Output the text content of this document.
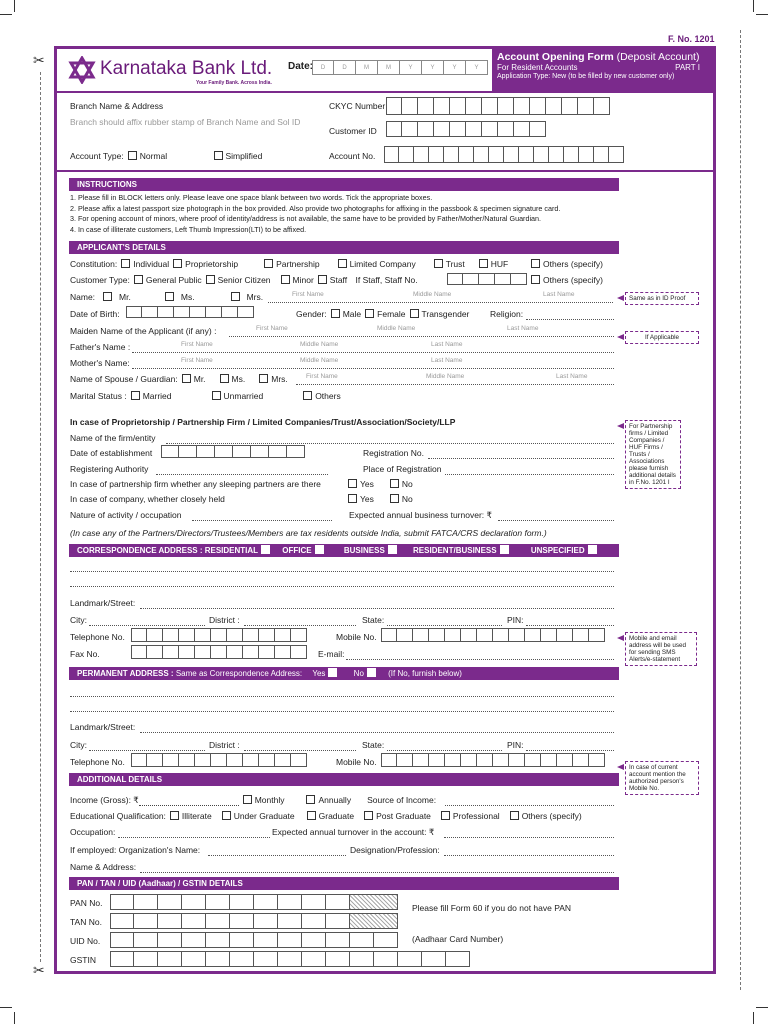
✂
✂
F. No. 1201
Karnataka Bank Ltd.
Your Family Bank. Across India.
Date:	D	D	M	M	Y	Y	Y	Y
Account Opening Form (Deposit Account)
For Resident Accounts	PART I
Application Type: New (to be filled by new customer only)
Branch Name & Address
Branch should affix rubber stamp of Branch Name and Sol ID
CKYC Number
Customer ID
Account Type: Normal	Simplified	Account No.
INSTRUCTIONS
1. Please fill in BLOCK letters only. Please leave one space blank between two words. Tick the appropriate boxes.
2. Please affix a latest passport size photograph in the box provided. Also provide two photographs for affixing in the passbook & specimen signature card.
3. For opening account of minors, where proof of identity/address is not available, the same have to be provided by Father/Mother/Natural Guardian.
4. In case of illiterate customers, Left Thumb Impression(LTI) to be affixed.
APPLICANT'S DETAILS
Constitution: Individual Proprietorship	Partnership	Limited Company	Trust	HUF	Others (specify)
Customer Type: General Public Senior Citizen	Minor Staff If Staff, Staff No.	Others (specify)
Name:	Mr.	Ms.	Mrs.	First Name	Middle Name	Last Name
Date of Birth:	Gender: Male Female Transgender Religion:
Maiden Name of the Applicant (if any) :	First Name	Middle Name	Last Name
Father's Name :	First Name	Middle Name	Last Name
Mother's Name:	First Name	Middle Name	Last Name
Name of Spouse / Guardian: Mr.	Ms.	Mrs.	First Name	Middle Name	Last Name
Marital Status : Married	Unmarried	Others
Same as in ID Proof
If Applicable
For Partnership firms / Limited Companies / HUF Firms / Trusts / Associations please furnish additional details in F.No. 1201 I
Mobile and email address will be used for sending SMS Alerts/e-statement
In case of current account mention the authorized person's Mobile No.
In case of Proprietorship / Partnership Firm / Limited Companies/Trust/Association/Society/LLP
Name of the firm/entity
Date of establishment	Registration No.
Registering Authority	Place of Registration
In case of partnership firm whether any sleeping partners are there	Yes	No
In case of company, whether closely held	Yes	No
Nature of activity / occupation	Expected annual business turnover: ₹
(In case any of the Partners/Directors/Trustees/Members are tax residents outside India, submit FATCA/CRS declaration form.)
CORRESPONDENCE ADDRESS : RESIDENTIAL	OFFICE	BUSINESS	RESIDENT/BUSINESS	UNSPECIFIED
Landmark/Street:
City:	District :	State:	PIN:
Telephone No.	Mobile No.
Fax No.	E-mail:
PERMANENT ADDRESS : Same as Correspondence Address: Yes	No	(If No, furnish below)
Landmark/Street:
City:	District :	State:	PIN:
Telephone No.	Mobile No.
ADDITIONAL DETAILS
Income (Gross): ₹	Monthly	Annually Source of Income:
Educational Qualification: Illiterate	Under Graduate	Graduate	Post Graduate	Professional	Others (specify)
Occupation:	Expected annual turnover in the account: ₹
If employed: Organization's Name:	Designation/Profession:
Name & Address:
PAN / TAN / UID (Aadhaar) / GSTIN DETAILS
PAN No.	Please fill Form 60 if you do not have PAN
TAN No.
UID No.	(Aadhaar Card Number)
GSTIN
